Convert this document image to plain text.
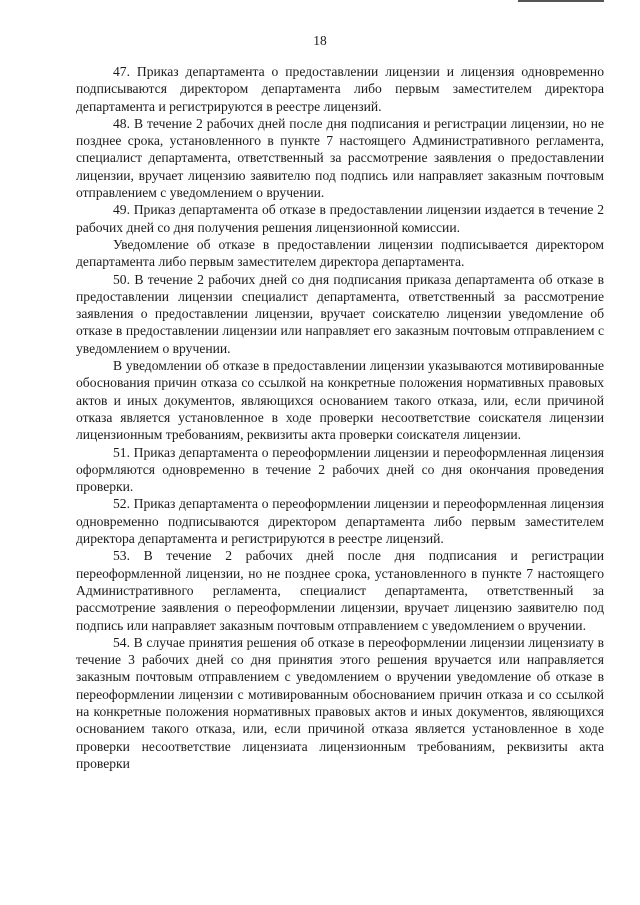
18

47. Приказ департамента о предоставлении лицензии и лицензия одновременно подписываются директором департамента либо первым заместителем директора департамента и регистрируются в реестре лицензий.

48. В течение 2 рабочих дней после дня подписания и регистрации лицензии, но не позднее срока, установленного в пункте 7 настоящего Административного регламента, специалист департамента, ответственный за рассмотрение заявления о предоставлении лицензии, вручает лицензию заявителю под подпись или направляет заказным почтовым отправлением с уведомлением о вручении.

49. Приказ департамента об отказе в предоставлении лицензии издается в течение 2 рабочих дней со дня получения решения лицензионной комиссии.

Уведомление об отказе в предоставлении лицензии подписывается директором департамента либо первым заместителем директора департамента.

50. В течение 2 рабочих дней со дня подписания приказа департамента об отказе в предоставлении лицензии специалист департамента, ответственный за рассмотрение заявления о предоставлении лицензии, вручает соискателю лицензии уведомление об отказе в предоставлении лицензии или направляет его заказным почтовым отправлением с уведомлением о вручении.

В уведомлении об отказе в предоставлении лицензии указываются мотивированные обоснования причин отказа со ссылкой на конкретные положения нормативных правовых актов и иных документов, являющихся основанием такого отказа, или, если причиной отказа является установленное в ходе проверки несоответствие соискателя лицензии лицензионным требованиям, реквизиты акта проверки соискателя лицензии.

51. Приказ департамента о переоформлении лицензии и переоформленная лицензия оформляются одновременно в течение 2 рабочих дней со дня окончания проведения проверки.

52. Приказ департамента о переоформлении лицензии и переоформленная лицензия одновременно подписываются директором департамента либо первым заместителем директора департамента и регистрируются в реестре лицензий.

53. В течение 2 рабочих дней после дня подписания и регистрации переоформленной лицензии, но не позднее срока, установленного в пункте 7 настоящего Административного регламента, специалист департамента, ответственный за рассмотрение заявления о переоформлении лицензии, вручает лицензию заявителю под подпись или направляет заказным почтовым отправлением с уведомлением о вручении.

54. В случае принятия решения об отказе в переоформлении лицензии лицензиату в течение 3 рабочих дней со дня принятия этого решения вручается или направляется заказным почтовым отправлением с уведомлением о вручении уведомление об отказе в переоформлении лицензии с мотивированным обоснованием причин отказа и со ссылкой на конкретные положения нормативных правовых актов и иных документов, являющихся основанием такого отказа, или, если причиной отказа является установленное в ходе проверки несоответствие лицензиата лицензионным требованиям, реквизиты акта проверки
